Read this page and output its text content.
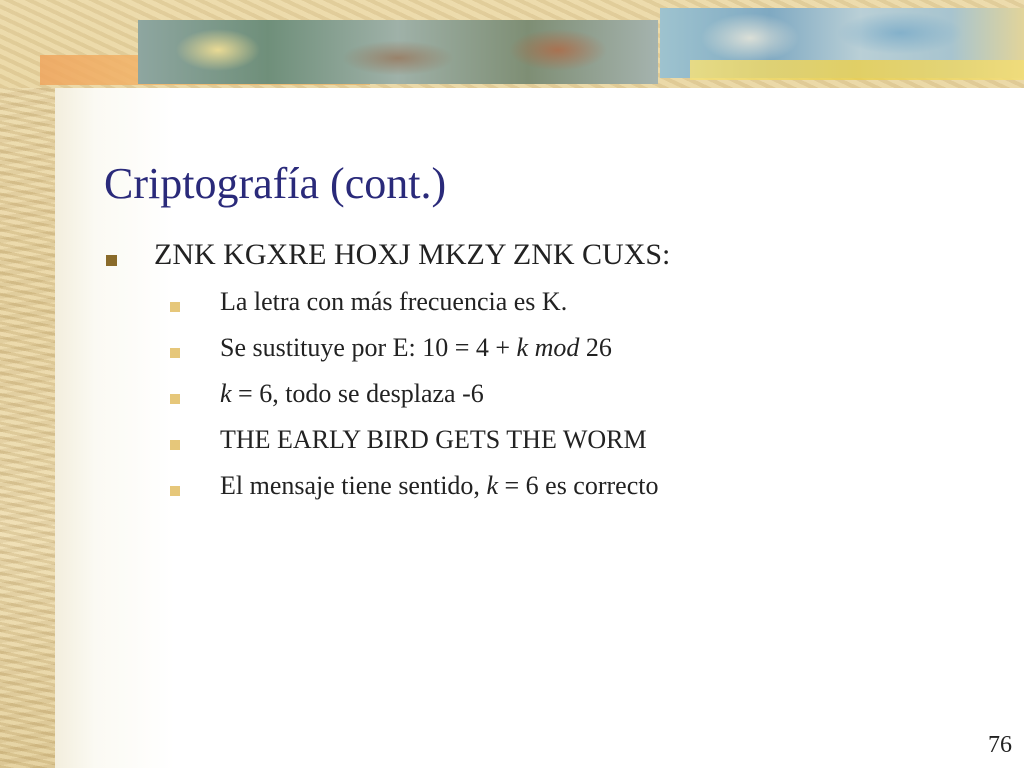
Criptografía (cont.)
ZNK KGXRE HOXJ MKZY ZNK CUXS:
La letra con más frecuencia es K.
Se sustituye por E: 10 = 4 + k mod 26
k = 6, todo se desplaza -6
THE EARLY BIRD GETS THE WORM
El mensaje tiene sentido, k = 6 es correcto
76
